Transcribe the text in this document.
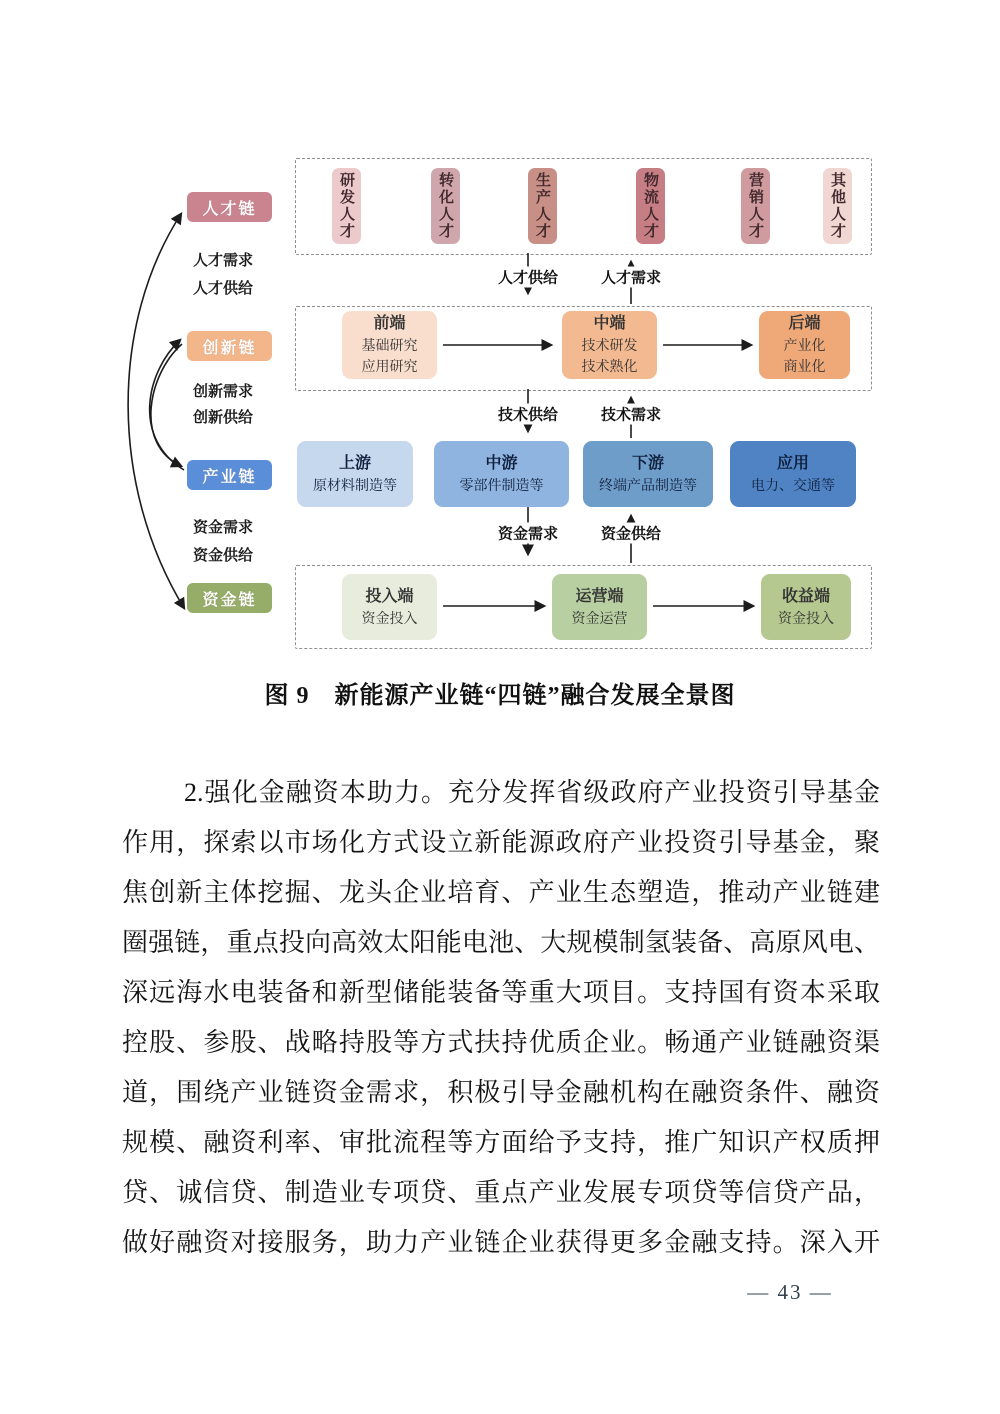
人才链
创新链
产业链
资金链
人才需求
人才供给
创新需求
创新供给
资金需求
资金供给
研发人才	转化人才	生产人才	物流人才	营销人才	其他人才
前端
基础研究
应用研究
中端
技术研发
技术熟化
后端
产业化
商业化
上游
原材料制造等
中游
零部件制造等
下游
终端产品制造等
应用
电力、交通等
投入端
资金投入
运营端
资金运营
收益端
资金投入
人才供给	人才需求
技术供给	技术需求
资金需求	资金供给
图 9　新能源产业链“四链”融合发展全景图
2.强化金融资本助力。充分发挥省级政府产业投资引导基金
作用，探索以市场化方式设立新能源政府产业投资引导基金，聚
焦创新主体挖掘、龙头企业培育、产业生态塑造，推动产业链建
圈强链，重点投向高效太阳能电池、大规模制氢装备、高原风电、
深远海水电装备和新型储能装备等重大项目。支持国有资本采取
控股、参股、战略持股等方式扶持优质企业。畅通产业链融资渠
道，围绕产业链资金需求，积极引导金融机构在融资条件、融资
规模、融资利率、审批流程等方面给予支持，推广知识产权质押
贷、诚信贷、制造业专项贷、重点产业发展专项贷等信贷产品，
做好融资对接服务，助力产业链企业获得更多金融支持。深入开
— 43 —
